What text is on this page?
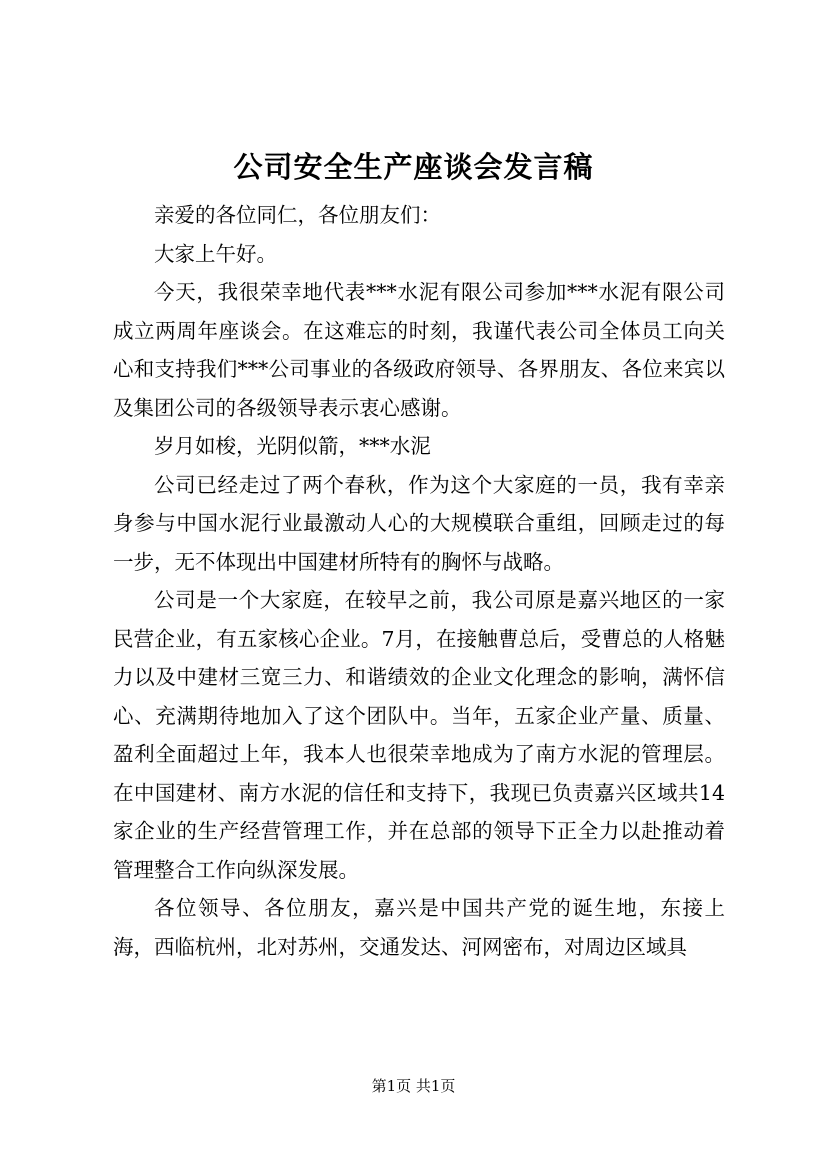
公司安全生产座谈会发言稿

亲爱的各位同仁，各位朋友们：

大家上午好。

今天，我很荣幸地代表***水泥有限公司参加***水泥有限公司成立两周年座谈会。在这难忘的时刻，我谨代表公司全体员工向关心和支持我们***公司事业的各级政府领导、各界朋友、各位来宾以及集团公司的各级领导表示衷心感谢。

岁月如梭，光阴似箭，***水泥

公司已经走过了两个春秋，作为这个大家庭的一员，我有幸亲身参与中国水泥行业最激动人心的大规模联合重组，回顾走过的每一步，无不体现出中国建材所特有的胸怀与战略。

公司是一个大家庭，在较早之前，我公司原是嘉兴地区的一家民营企业，有五家核心企业。7月，在接触曹总后，受曹总的人格魅力以及中建材三宽三力、和谐绩效的企业文化理念的影响，满怀信心、充满期待地加入了这个团队中。当年，五家企业产量、质量、盈利全面超过上年，我本人也很荣幸地成为了南方水泥的管理层。在中国建材、南方水泥的信任和支持下，我现已负责嘉兴区域共14家企业的生产经营管理工作，并在总部的领导下正全力以赴推动着管理整合工作向纵深发展。

各位领导、各位朋友，嘉兴是中国共产党的诞生地，东接上海，西临杭州，北对苏州，交通发达、河网密布，对周边区域具

第1页 共1页
